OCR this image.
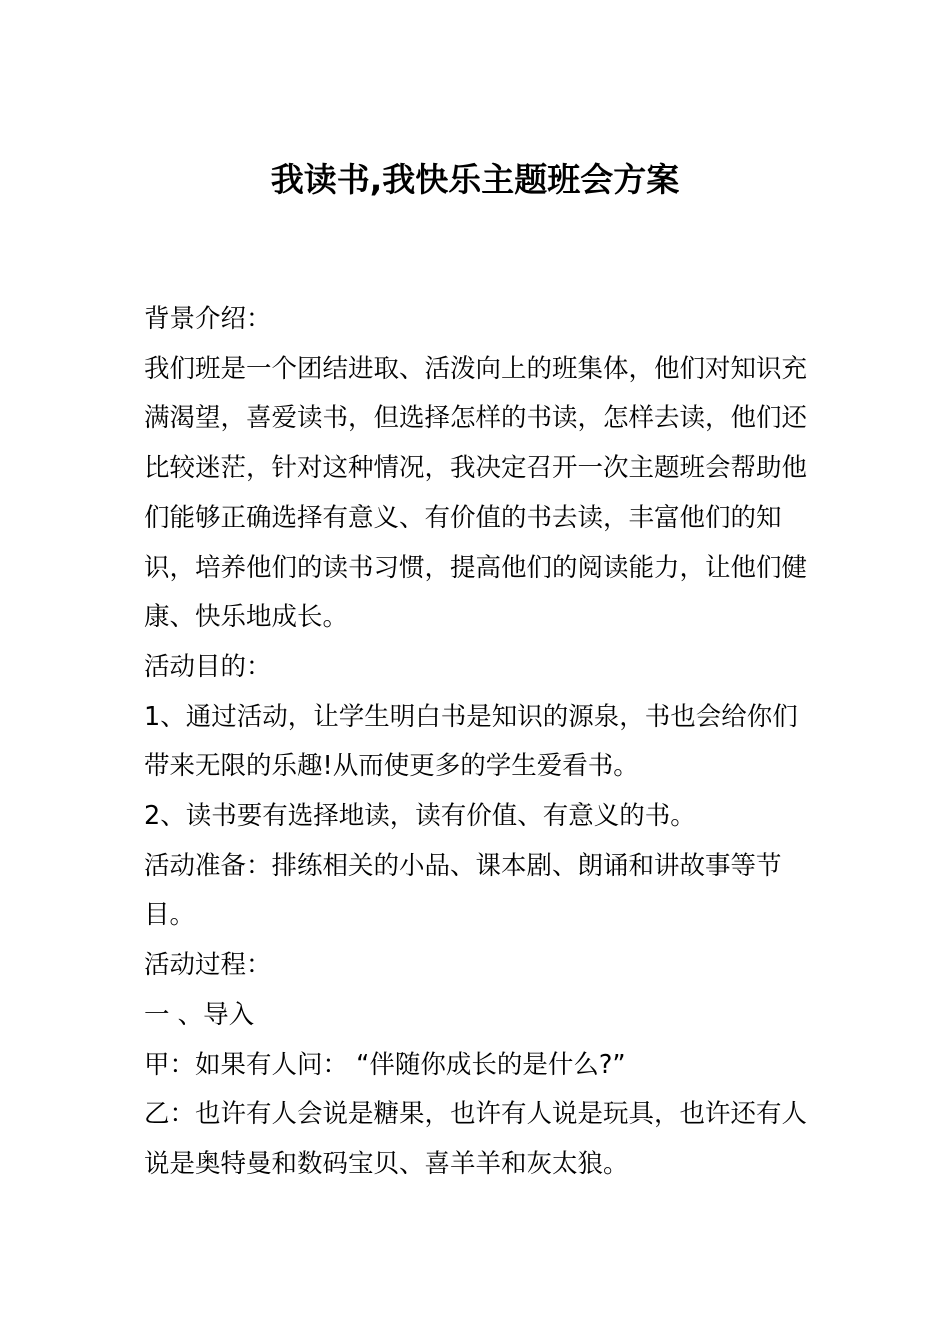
我读书,我快乐主题班会方案

背景介绍：

我们班是一个团结进取、活泼向上的班集体，他们对知识充满渴望，喜爱读书，但选择怎样的书读，怎样去读，他们还比较迷茫，针对这种情况，我决定召开一次主题班会帮助他们能够正确选择有意义、有价值的书去读，丰富他们的知识，培养他们的读书习惯，提高他们的阅读能力，让他们健康、快乐地成长。

活动目的：

1、通过活动，让学生明白书是知识的源泉，书也会给你们带来无限的乐趣!从而使更多的学生爱看书。

2、读书要有选择地读，读有价值、有意义的书。

活动准备：排练相关的小品、课本剧、朗诵和讲故事等节目。

活动过程：

一 、导入

甲：如果有人问： “伴随你成长的是什么?”

乙：也许有人会说是糖果，也许有人说是玩具，也许还有人说是奥特曼和数码宝贝、喜羊羊和灰太狼。
